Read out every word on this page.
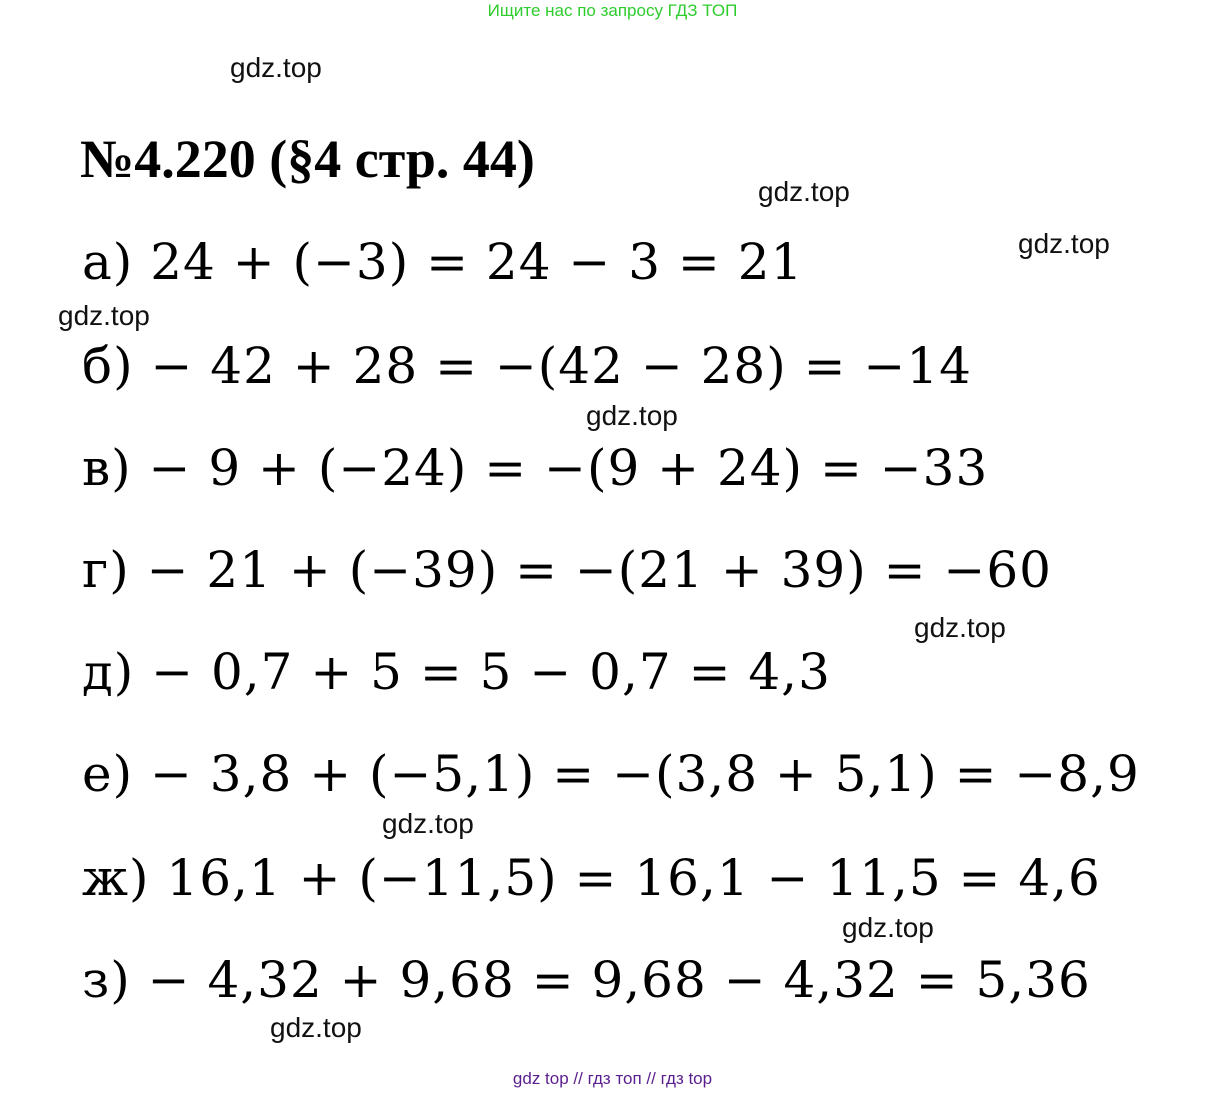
Ищите нас по запросу ГДЗ ТОП
gdz.top
№4.220 (§4 стр. 44)
gdz.top
gdz.top
а) 24 + (−3) = 24 − 3 = 21
gdz.top
б) − 42 + 28 = −(42 − 28) = −14
gdz.top
в) − 9 + (−24) = −(9 + 24) = −33
г) − 21 + (−39) = −(21 + 39) = −60
gdz.top
д) − 0,7 + 5 = 5 − 0,7 = 4,3
е) − 3,8 + (−5,1) = −(3,8 + 5,1) = −8,9
gdz.top
ж) 16,1 + (−11,5) = 16,1 − 11,5 = 4,6
gdz.top
з) − 4,32 + 9,68 = 9,68 − 4,32 = 5,36
gdz.top
gdz top // гдз топ // гдз top
